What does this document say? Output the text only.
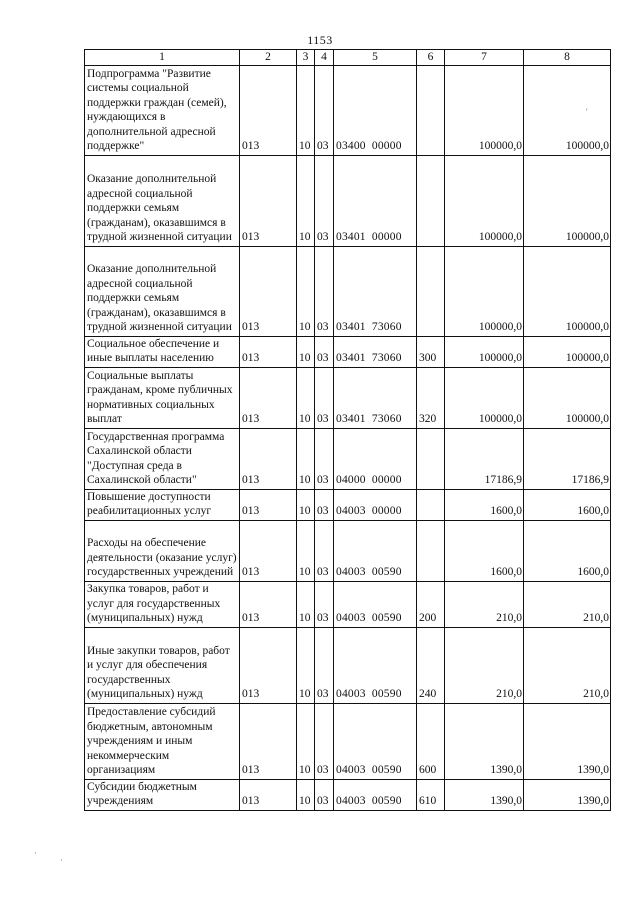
1153
1	2	3	4	5	6	7	8
Подпрограмма "Развитие системы социальной поддержки граждан (семей), нуждающихся в дополнительной адресной поддержке"	013	10	03	03400  00000		100000,0	100000,0
Оказание дополнительной адресной социальной поддержки семьям (гражданам), оказавшимся в трудной жизненной ситуации	013	10	03	03401  00000		100000,0	100000,0
Оказание дополнительной адресной социальной поддержки семьям (гражданам), оказавшимся в трудной жизненной ситуации	013	10	03	03401  73060		100000,0	100000,0
Социальное обеспечение и иные выплаты населению	013	10	03	03401  73060	300	100000,0	100000,0
Социальные выплаты гражданам, кроме публичных нормативных социальных выплат	013	10	03	03401  73060	320	100000,0	100000,0
Государственная программа Сахалинской области "Доступная среда в Сахалинской области"	013	10	03	04000  00000		17186,9	17186,9
Повышение доступности реабилитационных услуг	013	10	03	04003  00000		1600,0	1600,0
Расходы на обеспечение деятельности (оказание услуг) государственных учреждений	013	10	03	04003  00590		1600,0	1600,0
Закупка товаров, работ и услуг для государственных (муниципальных) нужд	013	10	03	04003  00590	200	210,0	210,0
Иные закупки товаров, работ и услуг для обеспечения государственных (муниципальных) нужд	013	10	03	04003  00590	240	210,0	210,0
Предоставление субсидий бюджетным, автономным учреждениям и иным некоммерческим организациям	013	10	03	04003  00590	600	1390,0	1390,0
Субсидии бюджетным учреждениям	013	10	03	04003  00590	610	1390,0	1390,0
'
·
·
